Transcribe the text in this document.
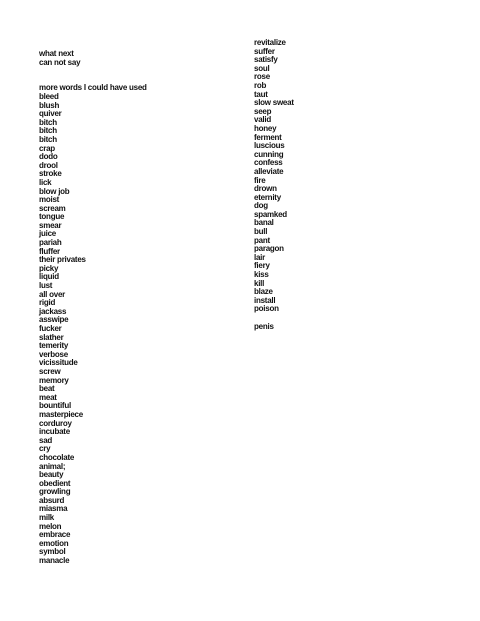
what next
can not say
more words I could have used
bleed
blush
quiver
bitch
bitch
bitch
crap
dodo
drool
stroke
lick
blow job
moist
scream
tongue
smear
juice
pariah
fluffer
their privates
picky
liquid
lust
all over
rigid
jackass
asswipe
fucker
slather
temerity
verbose
vicissitude
screw
memory
beat
meat
bountiful
masterpiece
corduroy
incubate
sad
cry
chocolate
animal;
beauty
obedient
growling
absurd
miasma
milk
melon
embrace
emotion
symbol
manacle
revitalize
suffer
satisfy
soul
rose
rob
taut
slow sweat
seep
valid
honey
ferment
luscious
cunning
confess
alleviate
fire
drown
eternity
dog
spamked
banal
bull
pant
paragon
lair
fiery
kiss
kill
blaze
install
poison
penis
